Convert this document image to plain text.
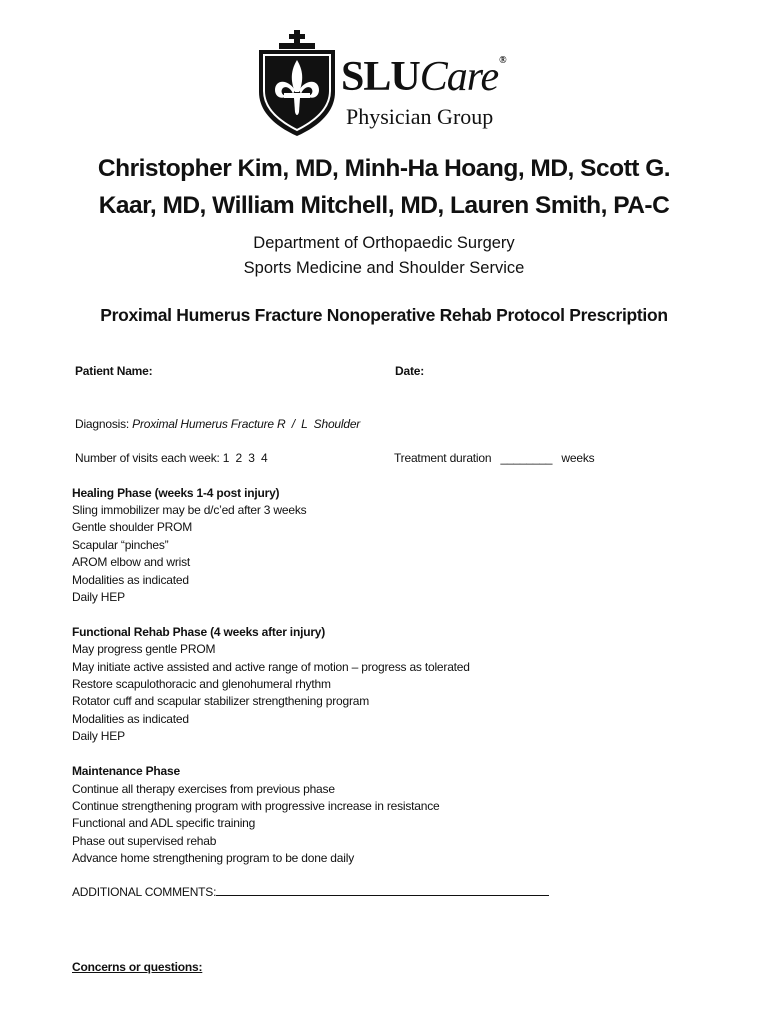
SLUCare®
Physician Group
Christopher Kim, MD, Minh-Ha Hoang, MD, Scott G.
Kaar, MD, William Mitchell, MD, Lauren Smith, PA-C
Department of Orthopaedic Surgery
Sports Medicine and Shoulder Service
Proximal Humerus Fracture Nonoperative Rehab Protocol Prescription
Patient Name:	Date:
Diagnosis: Proximal Humerus Fracture R  /  L  Shoulder
Number of visits each week: 1  2  3  4	Treatment duration ________ weeks
Healing Phase (weeks 1-4 post injury)
Sling immobilizer may be d/c’ed after 3 weeks
Gentle shoulder PROM
Scapular “pinches”
AROM elbow and wrist
Modalities as indicated
Daily HEP
Functional Rehab Phase (4 weeks after injury)
May progress gentle PROM
May initiate active assisted and active range of motion – progress as tolerated
Restore scapulothoracic and glenohumeral rhythm
Rotator cuff and scapular stabilizer strengthening program
Modalities as indicated
Daily HEP
Maintenance Phase
Continue all therapy exercises from previous phase
Continue strengthening program with progressive increase in resistance
Functional and ADL specific training
Phase out supervised rehab
Advance home strengthening program to be done daily
ADDITIONAL COMMENTS:
Concerns or questions:
